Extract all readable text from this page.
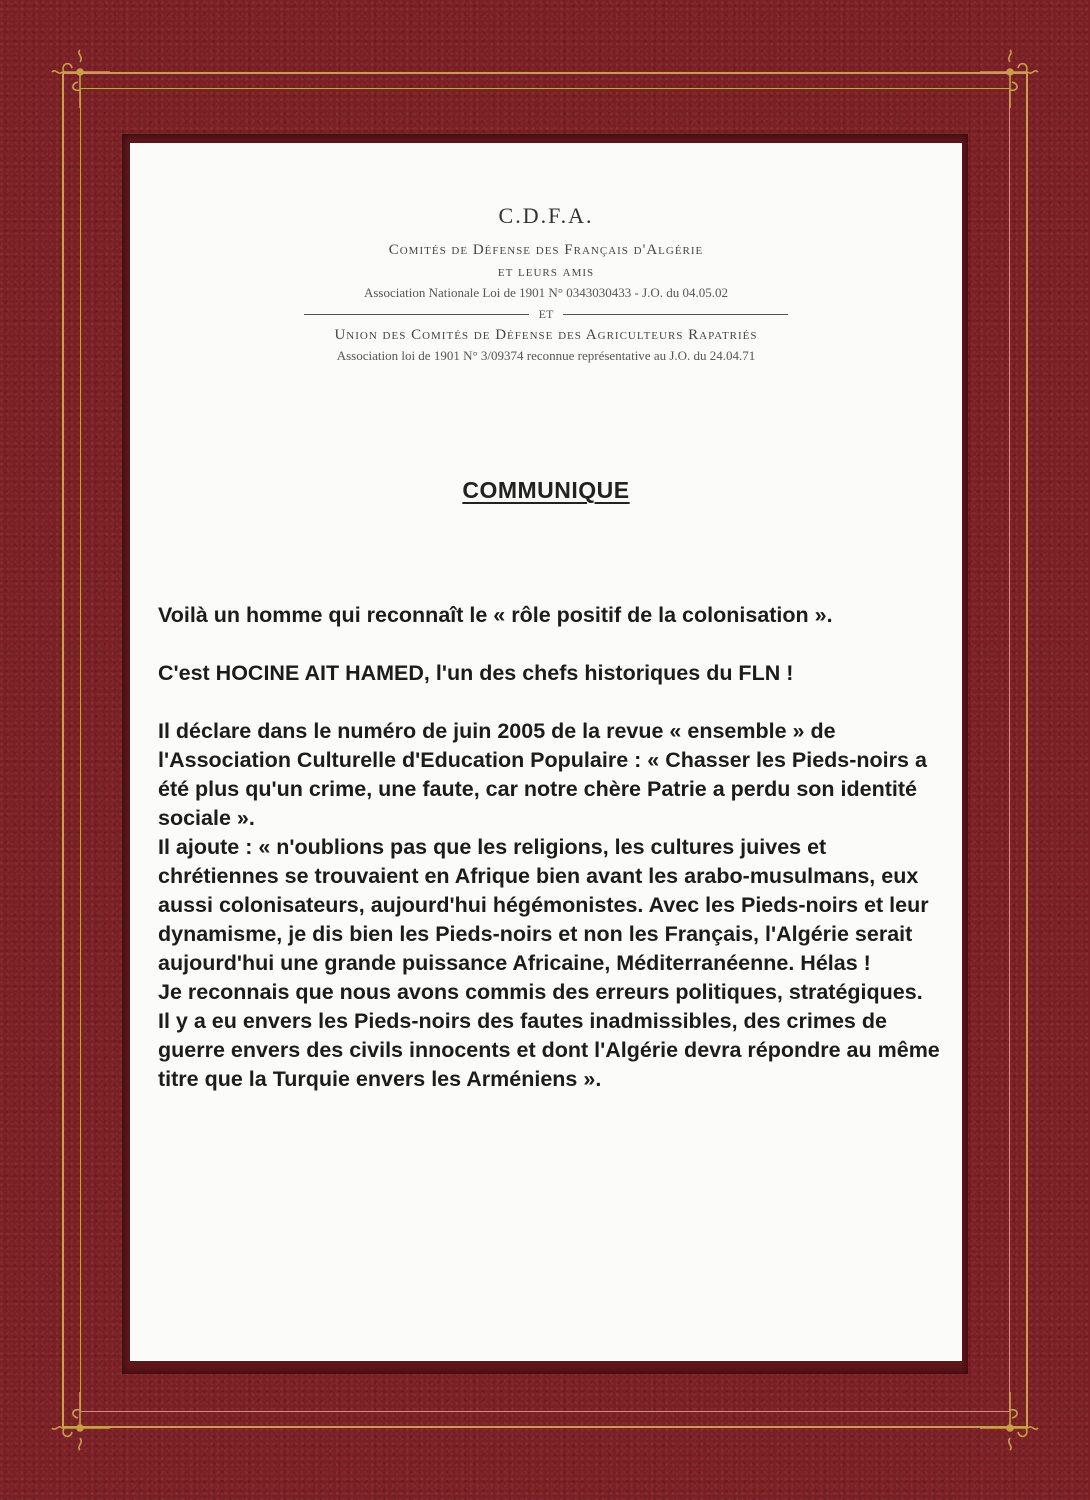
C.D.F.A.
Comités de Défense des Français d'Algérie
et leurs amis
Association Nationale Loi de 1901 N° 0343030433 - J.O. du 04.05.02
ET
Union des Comités de Défense des Agriculteurs Rapatriés
Association loi de 1901 N° 3/09374 reconnue représentative au J.O. du 24.04.71
COMMUNIQUE

Voilà un homme qui reconnaît le « rôle positif de la colonisation ».

C'est HOCINE AIT HAMED, l'un des chefs historiques du FLN !

Il déclare dans le numéro de juin 2005 de la revue « ensemble » de l'Association Culturelle d'Education Populaire : « Chasser les Pieds-noirs a été plus qu'un crime, une faute, car notre chère Patrie a perdu son identité sociale ».

Il ajoute : « n'oublions pas que les religions, les cultures juives et chrétiennes se trouvaient en Afrique bien avant les arabo-musulmans, eux aussi colonisateurs, aujourd'hui hégémonistes. Avec les Pieds-noirs et leur dynamisme, je dis bien les Pieds-noirs et non les Français, l'Algérie serait aujourd'hui une grande puissance Africaine, Méditerranéenne. Hélas !

Je reconnais que nous avons commis des erreurs politiques, stratégiques.

Il y a eu envers les Pieds-noirs des fautes inadmissibles, des crimes de guerre envers des civils innocents et dont l'Algérie devra répondre au même titre que la Turquie envers les Arméniens ».
